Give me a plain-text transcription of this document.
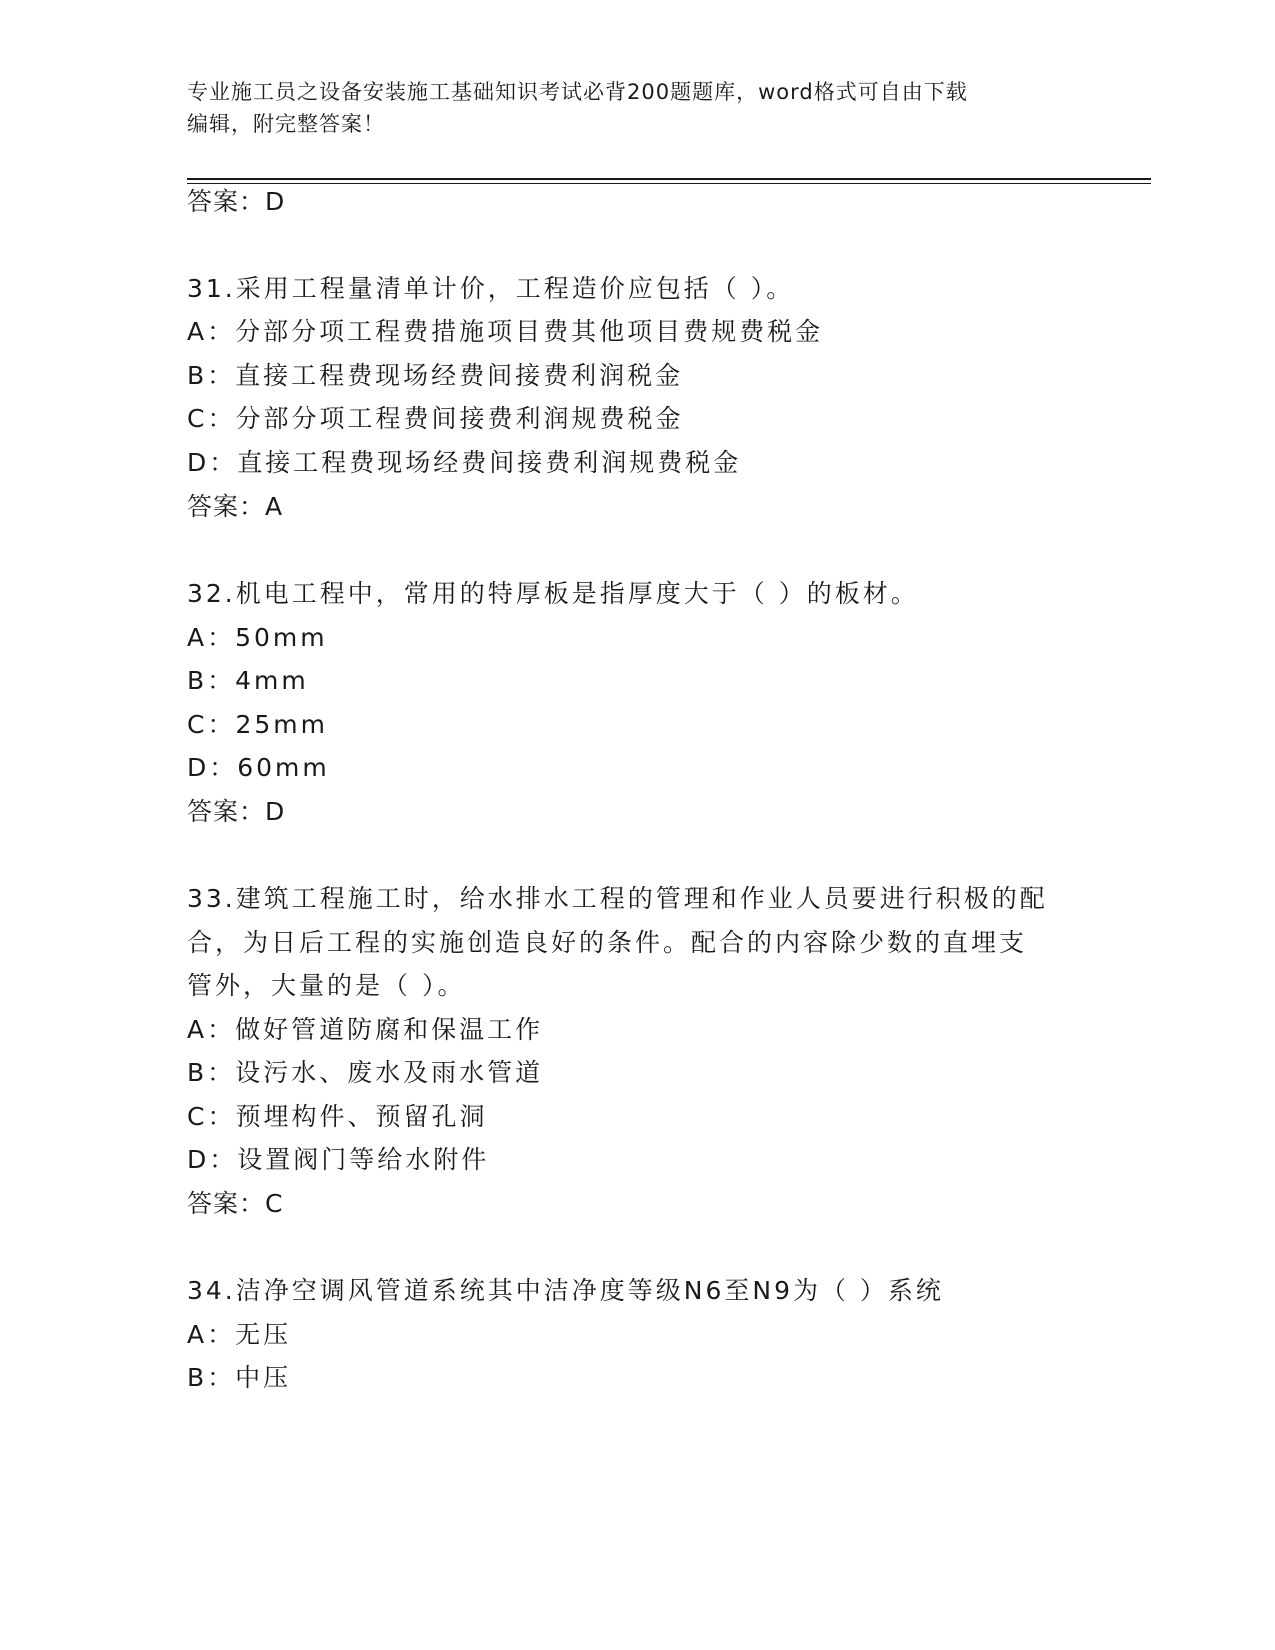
专业施工员之设备安装施工基础知识考试必背200题题库，word格式可自由下载
编辑，附完整答案！
答案：D
31.采用工程量清单计价，工程造价应包括（ ）。
A：分部分项工程费措施项目费其他项目费规费税金
B：直接工程费现场经费间接费利润税金
C：分部分项工程费间接费利润规费税金
D：直接工程费现场经费间接费利润规费税金
答案：A
32.机电工程中，常用的特厚板是指厚度大于（ ）的板材。
A：50mm
B：4mm
C：25mm
D：60mm
答案：D
33.建筑工程施工时，给水排水工程的管理和作业人员要进行积极的配
合，为日后工程的实施创造良好的条件。配合的内容除少数的直埋支
管外，大量的是（ ）。
A：做好管道防腐和保温工作
B：设污水、废水及雨水管道
C：预埋构件、预留孔洞
D：设置阀门等给水附件
答案：C
34.洁净空调风管道系统其中洁净度等级N6至N9为（ ）系统
A：无压
B：中压
